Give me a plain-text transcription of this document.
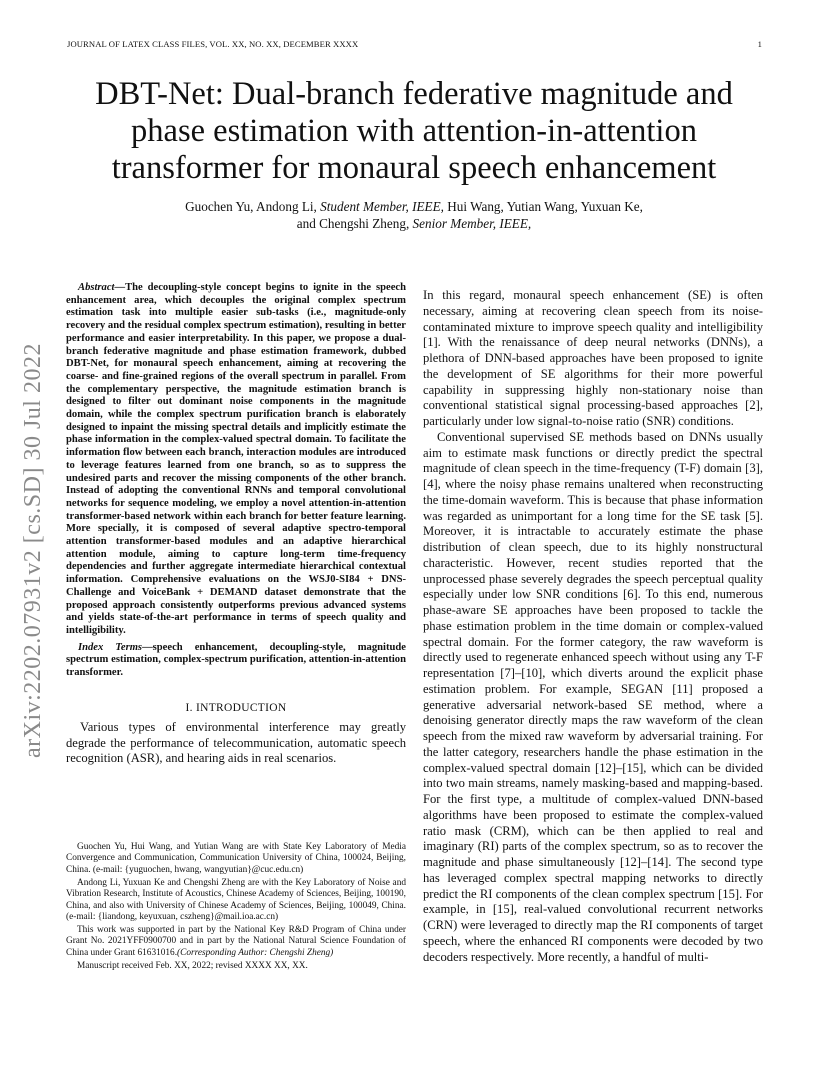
JOURNAL OF LATEX CLASS FILES, VOL. XX, NO. XX, DECEMBER XXXX	1
arXiv:2202.07931v2 [cs.SD] 30 Jul 2022
DBT-Net: Dual-branch federative magnitude and phase estimation with attention-in-attention transformer for monaural speech enhancement
Guochen Yu, Andong Li, Student Member, IEEE, Hui Wang, Yutian Wang, Yuxuan Ke,
and Chengshi Zheng, Senior Member, IEEE,

Abstract—The decoupling-style concept begins to ignite in the speech enhancement area, which decouples the original complex spectrum estimation task into multiple easier sub-tasks (i.e., magnitude-only recovery and the residual complex spectrum estimation), resulting in better performance and easier interpretability. In this paper, we propose a dual-branch federative magnitude and phase estimation framework, dubbed DBT-Net, for monaural speech enhancement, aiming at recovering the coarse- and fine-grained regions of the overall spectrum in parallel. From the complementary perspective, the magnitude estimation branch is designed to filter out dominant noise components in the magnitude domain, while the complex spectrum purification branch is elaborately designed to inpaint the missing spectral details and implicitly estimate the phase information in the complex-valued spectral domain. To facilitate the information flow between each branch, interaction modules are introduced to leverage features learned from one branch, so as to suppress the undesired parts and recover the missing components of the other branch. Instead of adopting the conventional RNNs and temporal convolutional networks for sequence modeling, we employ a novel attention-in-attention transformer-based network within each branch for better feature learning. More specially, it is composed of several adaptive spectro-temporal attention transformer-based modules and an adaptive hierarchical attention module, aiming to capture long-term time-frequency dependencies and further aggregate intermediate hierarchical contextual information. Comprehensive evaluations on the WSJ0-SI84 + DNS-Challenge and VoiceBank + DEMAND dataset demonstrate that the proposed approach consistently outperforms previous advanced systems and yields state-of-the-art performance in terms of speech quality and intelligibility.

Index Terms—speech enhancement, decoupling-style, magnitude spectrum estimation, complex-spectrum purification, attention-in-attention transformer.

I. INTRODUCTION

Various types of environmental interference may greatly degrade the performance of telecommunication, automatic speech recognition (ASR), and hearing aids in real scenarios.

Guochen Yu, Hui Wang, and Yutian Wang are with State Key Laboratory of Media Convergence and Communication, Communication University of China, 100024, Beijing, China. (e-mail: {yuguochen, hwang, wangyutian}@cuc.edu.cn)

Andong Li, Yuxuan Ke and Chengshi Zheng are with the Key Laboratory of Noise and Vibration Research, Institute of Acoustics, Chinese Academy of Sciences, Beijing, 100190, China, and also with University of Chinese Academy of Sciences, Beijing, 100049, China. (e-mail: {liandong, keyuxuan, cszheng}@mail.ioa.ac.cn)

This work was supported in part by the National Key R&D Program of China under Grant No. 2021YFF0900700 and in part by the National Natural Science Foundation of China under Grant 61631016.(Corresponding Author: Chengshi Zheng)

Manuscript received Feb. XX, 2022; revised XXXX XX, XX.

In this regard, monaural speech enhancement (SE) is often necessary, aiming at recovering clean speech from its noise-contaminated mixture to improve speech quality and intelligibility [1]. With the renaissance of deep neural networks (DNNs), a plethora of DNN-based approaches have been proposed to ignite the development of SE algorithms for their more powerful capability in suppressing highly non-stationary noise than conventional statistical signal processing-based approaches [2], particularly under low signal-to-noise ratio (SNR) conditions.

Conventional supervised SE methods based on DNNs usually aim to estimate mask functions or directly predict the spectral magnitude of clean speech in the time-frequency (T-F) domain [3], [4], where the noisy phase remains unaltered when reconstructing the time-domain waveform. This is because that phase information was regarded as unimportant for a long time for the SE task [5]. Moreover, it is intractable to accurately estimate the phase distribution of clean speech, due to its highly nonstructural characteristic. However, recent studies reported that the unprocessed phase severely degrades the speech perceptual quality especially under low SNR conditions [6]. To this end, numerous phase-aware SE approaches have been proposed to tackle the phase estimation problem in the time domain or complex-valued spectral domain. For the former category, the raw waveform is directly used to regenerate enhanced speech without using any T-F representation [7]–[10], which diverts around the explicit phase estimation problem. For example, SEGAN [11] proposed a generative adversarial network-based SE method, where a denoising generator directly maps the raw waveform of the clean speech from the mixed raw waveform by adversarial training. For the latter category, researchers handle the phase estimation in the complex-valued spectral domain [12]–[15], which can be divided into two main streams, namely masking-based and mapping-based. For the first type, a multitude of complex-valued DNN-based algorithms have been proposed to estimate the complex-valued ratio mask (CRM), which can be then applied to real and imaginary (RI) parts of the complex spectrum, so as to recover the magnitude and phase simultaneously [12]–[14]. The second type has leveraged complex spectral mapping networks to directly predict the RI components of the clean complex spectrum [15]. For example, in [15], real-valued convolutional recurrent networks (CRN) were leveraged to directly map the RI components of target speech, where the enhanced RI components were decoded by two decoders respectively. More recently, a handful of multi-
